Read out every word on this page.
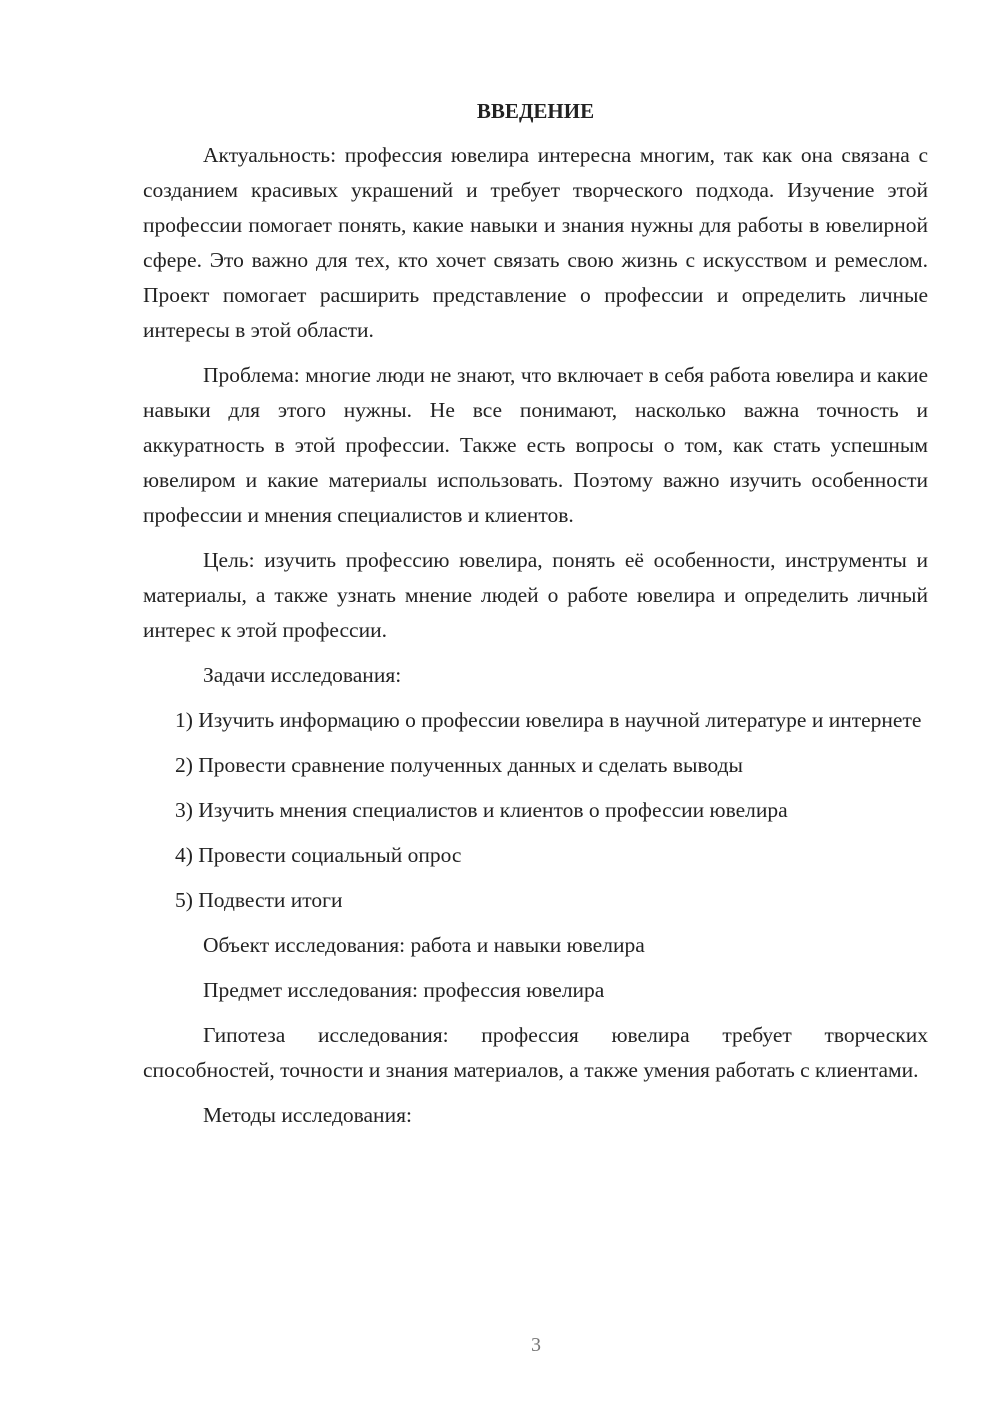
ВВЕДЕНИЕ

Актуальность: профессия ювелира интересна многим, так как она связана с созданием красивых украшений и требует творческого подхода. Изучение этой профессии помогает понять, какие навыки и знания нужны для работы в ювелирной сфере. Это важно для тех, кто хочет связать свою жизнь с искусством и ремеслом. Проект помогает расширить представление о профессии и определить личные интересы в этой области.

Проблема: многие люди не знают, что включает в себя работа ювелира и какие навыки для этого нужны. Не все понимают, насколько важна точность и аккуратность в этой профессии. Также есть вопросы о том, как стать успешным ювелиром и какие материалы использовать. Поэтому важно изучить особенности профессии и мнения специалистов и клиентов.

Цель: изучить профессию ювелира, понять её особенности, инструменты и материалы, а также узнать мнение людей о работе ювелира и определить личный интерес к этой профессии.

Задачи исследования:

1) Изучить информацию о профессии ювелира в научной литературе и интернете

2) Провести сравнение полученных данных и сделать выводы

3) Изучить мнения специалистов и клиентов о профессии ювелира

4) Провести социальный опрос

5) Подвести итоги

Объект исследования: работа и навыки ювелира

Предмет исследования: профессия ювелира

Гипотеза исследования: профессия ювелира требует творческих способностей, точности и знания материалов, а также умения работать с клиентами.

Методы исследования:

3
